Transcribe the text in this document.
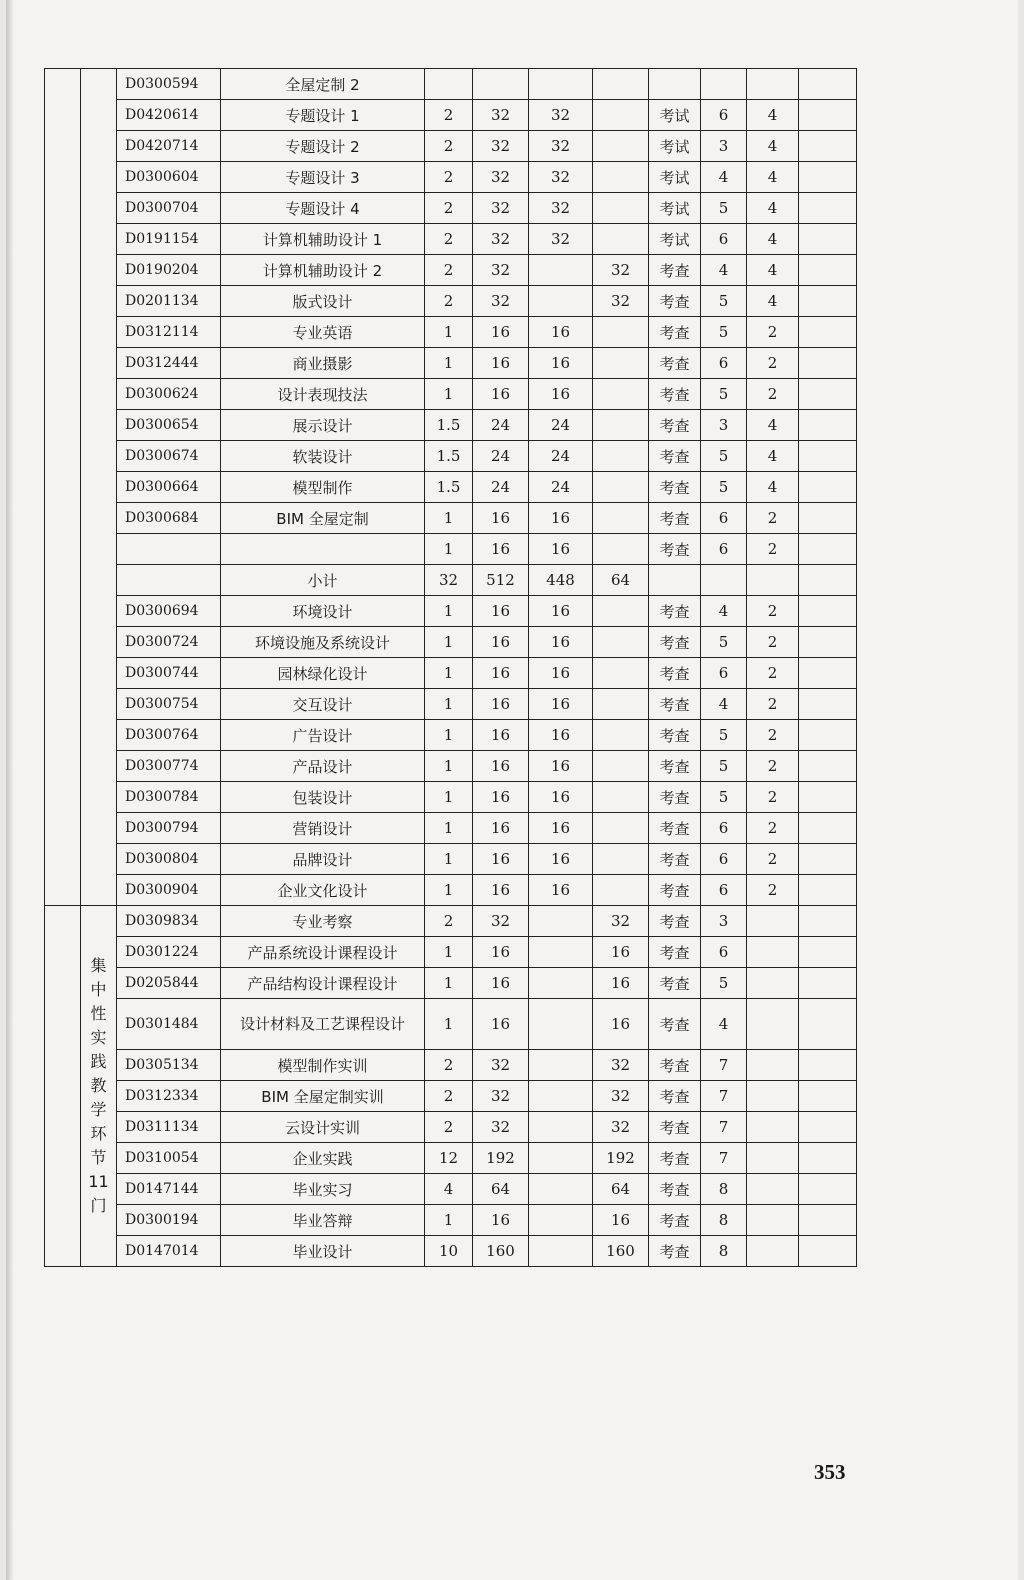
		D0300594	全屋定制 2								
		D0420614	专题设计 1	2	32	32		考试	6	4	
		D0420714	专题设计 2	2	32	32		考试	3	4	
		D0300604	专题设计 3	2	32	32		考试	4	4	
		D0300704	专题设计 4	2	32	32		考试	5	4	
		D0191154	计算机辅助设计 1	2	32	32		考试	6	4	
		D0190204	计算机辅助设计 2	2	32		32	考查	4	4	
		D0201134	版式设计	2	32		32	考查	5	4	
		D0312114	专业英语	1	16	16		考查	5	2	
		D0312444	商业摄影	1	16	16		考查	6	2	
		D0300624	设计表现技法	1	16	16		考查	5	2	
		D0300654	展示设计	1.5	24	24		考查	3	4	
		D0300674	软装设计	1.5	24	24		考查	5	4	
		D0300664	模型制作	1.5	24	24		考查	5	4	
		D0300684	BIM 全屋定制	1	16	16		考查	6	2	
				1	16	16		考查	6	2	
			小计	32	512	448	64				
		D0300694	环境设计	1	16	16		考查	4	2	
		D0300724	环境设施及系统设计	1	16	16		考查	5	2	
		D0300744	园林绿化设计	1	16	16		考查	6	2	
		D0300754	交互设计	1	16	16		考查	4	2	
		D0300764	广告设计	1	16	16		考查	5	2	
		D0300774	产品设计	1	16	16		考查	5	2	
		D0300784	包装设计	1	16	16		考查	5	2	
		D0300794	营销设计	1	16	16		考查	6	2	
		D0300804	品牌设计	1	16	16		考查	6	2	
		D0300904	企业文化设计	1	16	16		考查	6	2	
	集中性实践教学环节11门	D0309834	专业考察	2	32		32	考查	3		
		D0301224	产品系统设计课程设计	1	16		16	考查	6		
		D0205844	产品结构设计课程设计	1	16		16	考查	5		
		D0301484	设计材料及工艺课程设计	1	16		16	考查	4		
		D0305134	模型制作实训	2	32		32	考查	7		
		D0312334	BIM 全屋定制实训	2	32		32	考查	7		
		D0311134	云设计实训	2	32		32	考查	7		
		D0310054	企业实践	12	192		192	考查	7		
		D0147144	毕业实习	4	64		64	考查	8		
		D0300194	毕业答辩	1	16		16	考查	8		
		D0147014	毕业设计	10	160		160	考查	8		
353
